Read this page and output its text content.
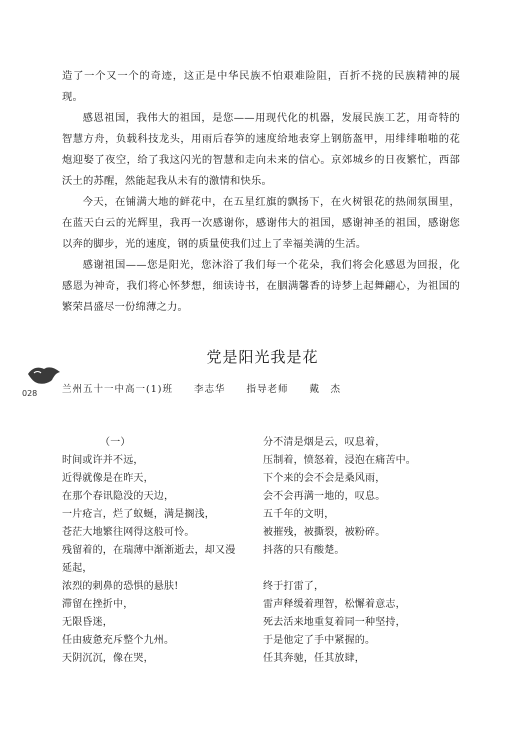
造了一个又一个的奇迹，这正是中华民族不怕艰难险阻，百折不挠的民族精神的展现。

感恩祖国，我伟大的祖国，是您——用现代化的机器，发展民族工艺，用奇特的智慧方舟，负载科技龙头，用雨后春笋的速度给地表穿上钢筋盔甲，用绯绯啪啪的花炮迎娶了夜空，给了我这闪光的智慧和走向未来的信心。京郊城乡的日夜繁忙，西部沃土的苏醒，然能起我从未有的激情和快乐。

今天，在铺满大地的鲜花中，在五星红旗的飘扬下，在火树银花的热闹氛围里，在蓝天白云的光辉里，我再一次感谢你，感谢伟大的祖国，感谢神圣的祖国，感谢您以奔的脚步，光的速度，钢的质量使我们过上了幸福美满的生活。

感谢祖国——您是阳光，您沐浴了我们每一个花朵，我们将会化感恩为回报，化感恩为神奇，我们将心怀梦想，细读诗书，在胭满馨香的诗梦上起舞翩心，为祖国的繁荣昌盛尽一份绵薄之力。

党是阳光我是花
028	兰州五十一中高一(1)班　　李志华　　指导老师　　戴　杰
（一）
时间或许并不远，
近得就像是在昨天，
在那个春讯隐没的天边，
一片疮言，烂了蚁蜒，满是搁浅，
苍茫大地繁往网得这般可怜。
残留着的，在瑞薄中渐渐逝去，却又漫
延起，
浓烈的刺鼻的恐惧的悬肤!
滞留在挫折中，
无限昏迷，
任由疲惫充斥整个九州。
天阴沉沉，像在哭，
分不清是烟是云，叹息着，
压制着，愤怒着，浸泡在痛苦中。
下个来的会不会是桑风雨，
会不会再满一地的，叹息。
五千年的文明，
被摧残，被撕裂，被粉碎。
抖落的只有酸楚。
终于打雷了，
雷声释缓着理智，松懈着意志，
死去活来地重复着同一种坚持，
于是他定了手中紧握的。
任其奔驰，任其放肆，
